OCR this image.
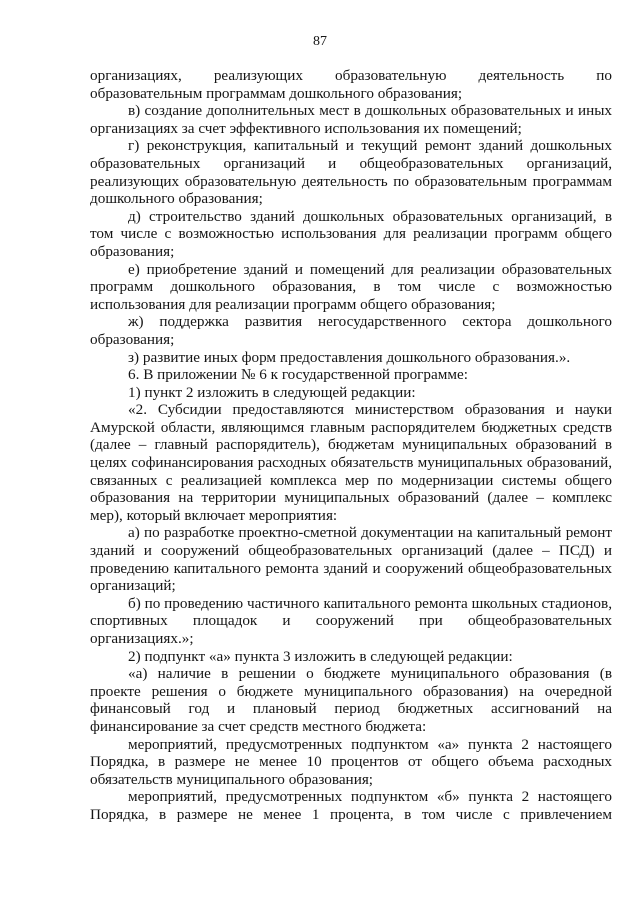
87

организациях, реализующих образовательную деятельность по образовательным программам дошкольного образования;

в) создание дополнительных мест в дошкольных образовательных и иных организациях за счет эффективного использования их помещений;

г) реконструкция, капитальный и текущий ремонт зданий дошкольных образовательных организаций и общеобразовательных организаций, реализующих образовательную деятельность по образовательным программам дошкольного образования;

д) строительство зданий дошкольных образовательных организаций, в том числе с возможностью использования для реализации программ общего образования;

е) приобретение зданий и помещений для реализации образовательных программ дошкольного образования, в том числе с возможностью использования для реализации программ общего образования;

ж) поддержка развития негосударственного сектора дошкольного образования;

з) развитие иных форм предоставления дошкольного образования.».

6. В приложении № 6 к государственной программе:

1) пункт 2 изложить в следующей редакции:

«2. Субсидии предоставляются министерством образования и науки Амурской области, являющимся главным распорядителем бюджетных средств (далее – главный распорядитель), бюджетам муниципальных образований в целях софинансирования расходных обязательств муниципальных образований, связанных с реализацией комплекса мер по модернизации системы общего образования на территории муниципальных образований (далее – комплекс мер), который включает мероприятия:

а) по разработке проектно-сметной документации на капитальный ремонт зданий и сооружений общеобразовательных организаций (далее – ПСД) и проведению капитального ремонта зданий и сооружений общеобразовательных организаций;

б) по проведению частичного капитального ремонта школьных стадионов, спортивных площадок и сооружений при общеобразовательных организациях.»;

2) подпункт «а» пункта 3 изложить в следующей редакции:

«а) наличие в решении о бюджете муниципального образования (в проекте решения о бюджете муниципального образования) на очередной финансовый год и плановый период бюджетных ассигнований на финансирование за счет средств местного бюджета:

мероприятий, предусмотренных подпунктом «а» пункта 2 настоящего Порядка, в размере не менее 10 процентов от общего объема расходных обязательств муниципального образования;

мероприятий, предусмотренных подпунктом «б» пункта 2 настоящего Порядка, в размере не менее 1 процента, в том числе с привлечением
